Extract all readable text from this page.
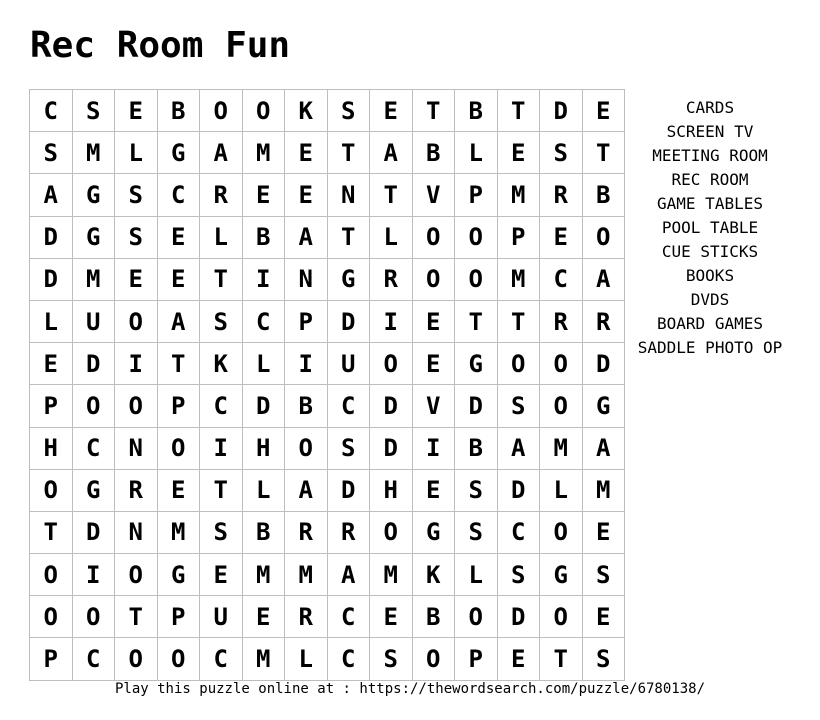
Rec Room Fun
C	S	E	B	O	O	K	S	E	T	B	T	D	E
S	M	L	G	A	M	E	T	A	B	L	E	S	T
A	G	S	C	R	E	E	N	T	V	P	M	R	B
D	G	S	E	L	B	A	T	L	O	O	P	E	O
D	M	E	E	T	I	N	G	R	O	O	M	C	A
L	U	O	A	S	C	P	D	I	E	T	T	R	R
E	D	I	T	K	L	I	U	O	E	G	O	O	D
P	O	O	P	C	D	B	C	D	V	D	S	O	G
H	C	N	O	I	H	O	S	D	I	B	A	M	A
O	G	R	E	T	L	A	D	H	E	S	D	L	M
T	D	N	M	S	B	R	R	O	G	S	C	O	E
O	I	O	G	E	M	M	A	M	K	L	S	G	S
O	O	T	P	U	E	R	C	E	B	O	D	O	E
P	C	O	O	C	M	L	C	S	O	P	E	T	S
CARDS
SCREEN TV
MEETING ROOM
REC ROOM
GAME TABLES
POOL TABLE
CUE STICKS
BOOKS
DVDS
BOARD GAMES
SADDLE PHOTO OP
Play this puzzle online at : https://thewordsearch.com/puzzle/6780138/
